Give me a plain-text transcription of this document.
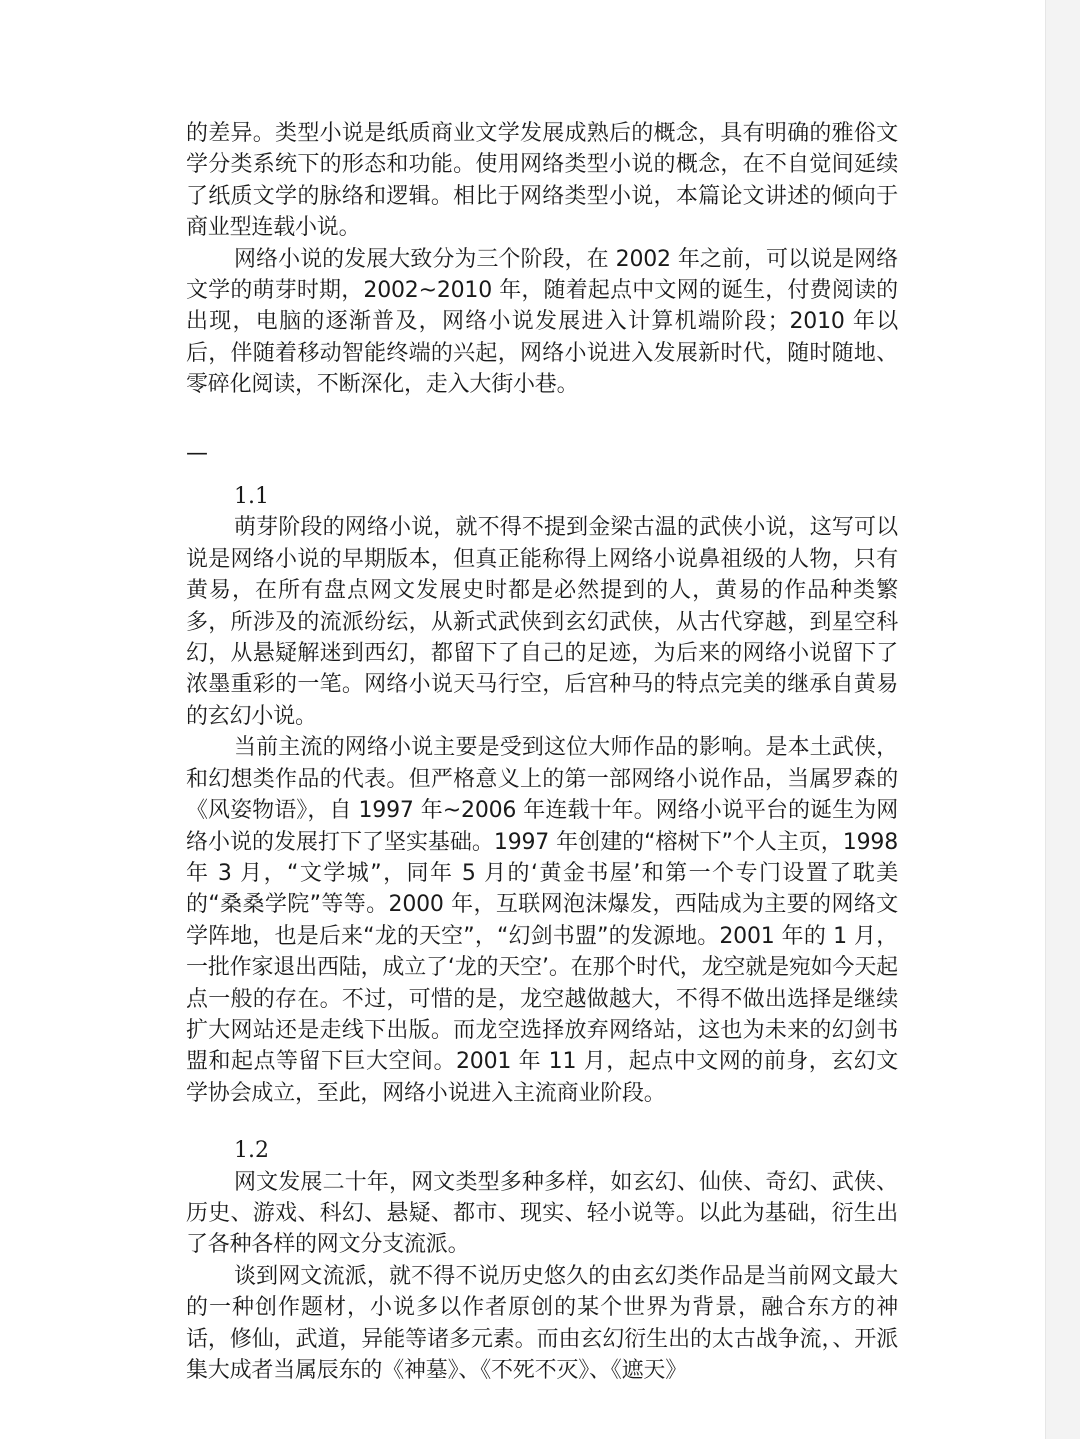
的差异。类型小说是纸质商业文学发展成熟后的概念，具有明确的雅俗文学分类系统下的形态和功能。使用网络类型小说的概念，在不自觉间延续了纸质文学的脉络和逻辑。相比于网络类型小说，本篇论文讲述的倾向于商业型连载小说。

网络小说的发展大致分为三个阶段，在 2002 年之前，可以说是网络文学的萌芽时期，2002~2010 年，随着起点中文网的诞生，付费阅读的出现，电脑的逐渐普及，网络小说发展进入计算机端阶段；2010 年以后，伴随着移动智能终端的兴起，网络小说进入发展新时代，随时随地、零碎化阅读，不断深化，走入大街小巷。

—

1.1

萌芽阶段的网络小说，就不得不提到金梁古温的武侠小说，这写可以说是网络小说的早期版本，但真正能称得上网络小说鼻祖级的人物，只有黄易，在所有盘点网文发展史时都是必然提到的人，黄易的作品种类繁多，所涉及的流派纷纭，从新式武侠到玄幻武侠，从古代穿越，到星空科幻，从悬疑解迷到西幻，都留下了自己的足迹，为后来的网络小说留下了浓墨重彩的一笔。网络小说天马行空，后宫种马的特点完美的继承自黄易的玄幻小说。

当前主流的网络小说主要是受到这位大师作品的影响。是本土武侠，和幻想类作品的代表。但严格意义上的第一部网络小说作品，当属罗森的《风姿物语》，自 1997 年~2006 年连载十年。网络小说平台的诞生为网络小说的发展打下了坚实基础。1997 年创建的“榕树下”个人主页，1998 年 3 月，“文学城”，同年 5 月的‘黄金书屋’和第一个专门设置了耽美的“桑桑学院”等等。2000 年，互联网泡沫爆发，西陆成为主要的网络文学阵地，也是后来“龙的天空”，“幻剑书盟”的发源地。2001 年的 1 月，一批作家退出西陆，成立了‘龙的天空’。在那个时代，龙空就是宛如今天起点一般的存在。不过，可惜的是，龙空越做越大，不得不做出选择是继续扩大网站还是走线下出版。而龙空选择放弃网络站，这也为未来的幻剑书盟和起点等留下巨大空间。2001 年 11 月，起点中文网的前身，玄幻文学协会成立，至此，网络小说进入主流商业阶段。

1.2

网文发展二十年，网文类型多种多样，如玄幻、仙侠、奇幻、武侠、历史、游戏、科幻、悬疑、都市、现实、轻小说等。以此为基础，衍生出了各种各样的网文分支流派。

谈到网文流派，就不得不说历史悠久的由玄幻类作品是当前网文最大的一种创作题材，小说多以作者原创的某个世界为背景，融合东方的神话，修仙，武道，异能等诸多元素。而由玄幻衍生出的太古战争流，、开派集大成者当属辰东的《神墓》、《不死不灭》、《遮天》
